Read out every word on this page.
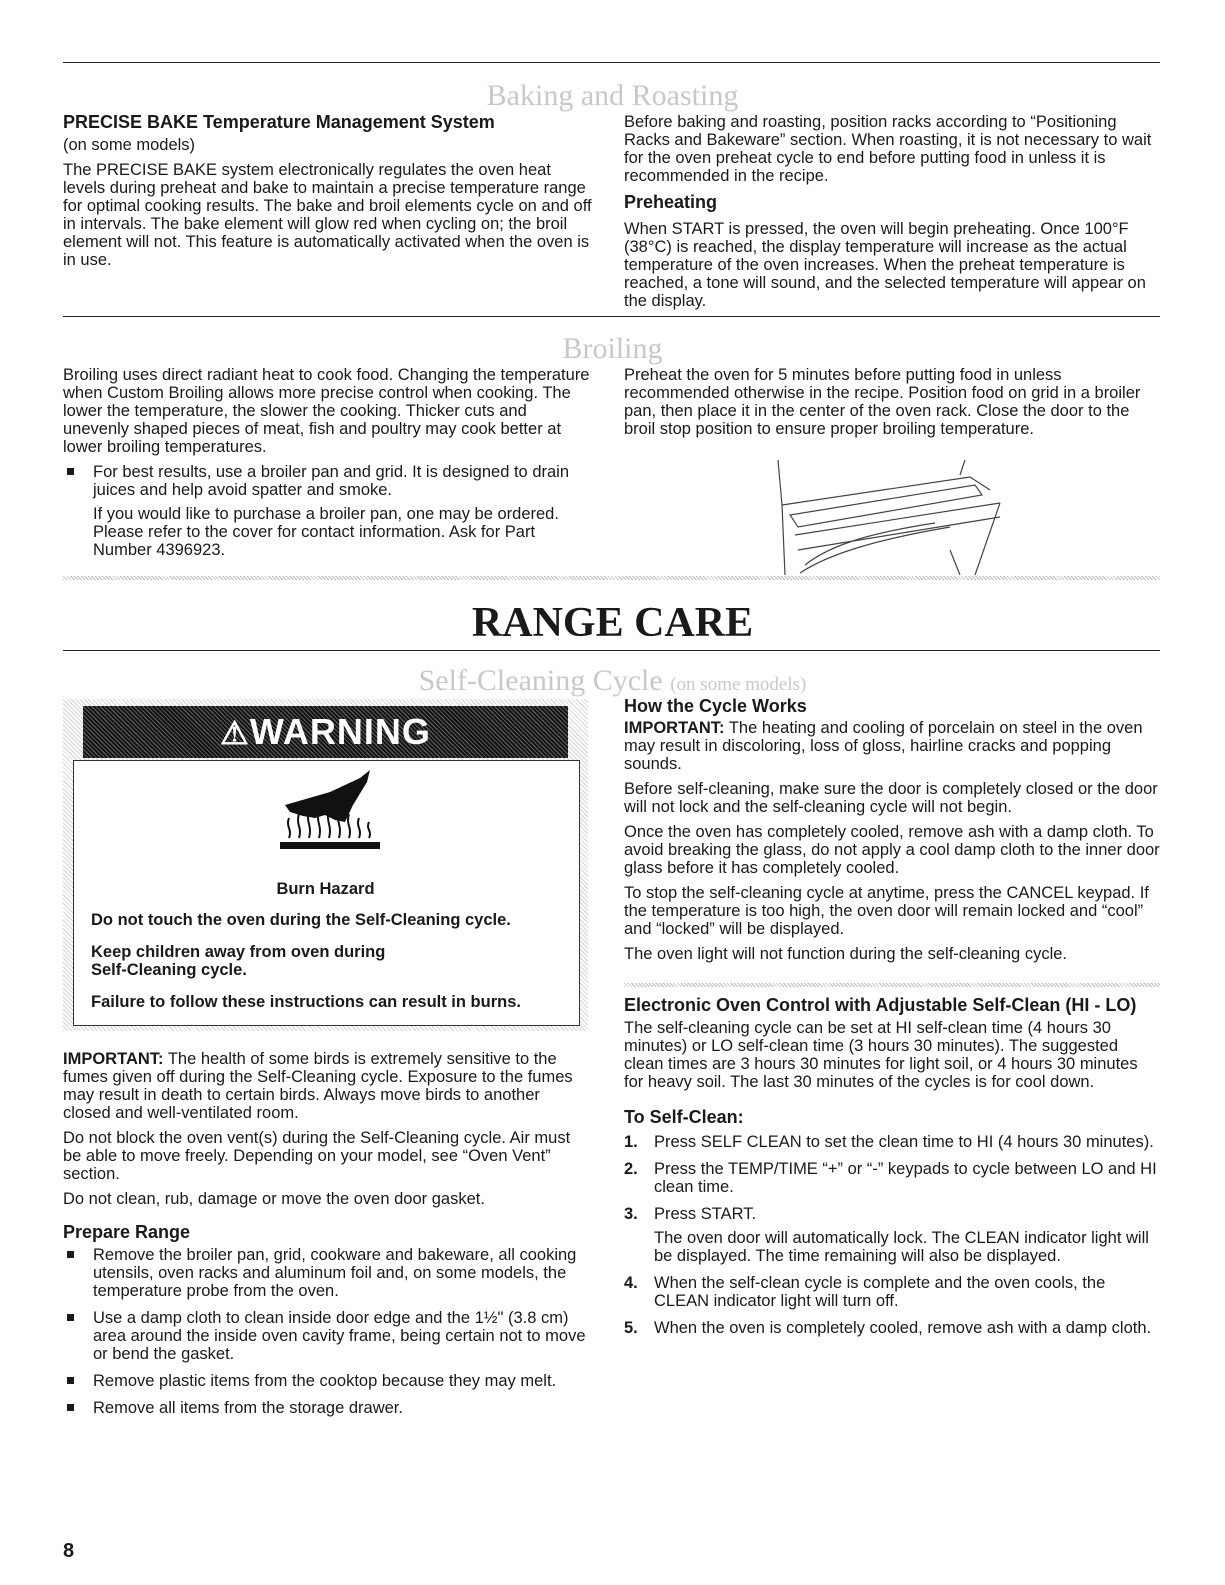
Baking and Roasting

PRECISE BAKE Temperature Management System

(on some models)

The PRECISE BAKE system electronically regulates the oven heat levels during preheat and bake to maintain a precise temperature range for optimal cooking results. The bake and broil elements cycle on and off in intervals. The bake element will glow red when cycling on; the broil element will not. This feature is automatically activated when the oven is in use.

Before baking and roasting, position racks according to “Positioning Racks and Bakeware” section. When roasting, it is not necessary to wait for the oven preheat cycle to end before putting food in unless it is recommended in the recipe.

Preheating

When START is pressed, the oven will begin preheating. Once 100°F (38°C) is reached, the display temperature will increase as the actual temperature of the oven increases. When the preheat temperature is reached, a tone will sound, and the selected temperature will appear on the display.

Broiling

Broiling uses direct radiant heat to cook food. Changing the temperature when Custom Broiling allows more precise control when cooking. The lower the temperature, the slower the cooking. Thicker cuts and unevenly shaped pieces of meat, fish and poultry may cook better at lower broiling temperatures.

For best results, use a broiler pan and grid. It is designed to drain juices and help avoid spatter and smoke.
If you would like to purchase a broiler pan, one may be ordered. Please refer to the cover for contact information. Ask for Part Number 4396923.

Preheat the oven for 5 minutes before putting food in unless recommended otherwise in the recipe. Position food on grid in a broiler pan, then place it in the center of the oven rack. Close the door to the broil stop position to ensure proper broiling temperature.

RANGE CARE
Self-Cleaning Cycle (on some models)
⚠WARNING
Burn Hazard
Do not touch the oven during the Self-Cleaning cycle.
Keep children away from oven during Self-Cleaning cycle.
Failure to follow these instructions can result in burns.

IMPORTANT: The health of some birds is extremely sensitive to the fumes given off during the Self-Cleaning cycle. Exposure to the fumes may result in death to certain birds. Always move birds to another closed and well-ventilated room.

Do not block the oven vent(s) during the Self-Cleaning cycle. Air must be able to move freely. Depending on your model, see “Oven Vent” section.

Do not clean, rub, damage or move the oven door gasket.

Prepare Range

Remove the broiler pan, grid, cookware and bakeware, all cooking utensils, oven racks and aluminum foil and, on some models, the temperature probe from the oven.
Use a damp cloth to clean inside door edge and the 1½" (3.8 cm) area around the inside oven cavity frame, being certain not to move or bend the gasket.
Remove plastic items from the cooktop because they may melt.
Remove all items from the storage drawer.

How the Cycle Works

IMPORTANT: The heating and cooling of porcelain on steel in the oven may result in discoloring, loss of gloss, hairline cracks and popping sounds.

Before self-cleaning, make sure the door is completely closed or the door will not lock and the self-cleaning cycle will not begin.

Once the oven has completely cooled, remove ash with a damp cloth. To avoid breaking the glass, do not apply a cool damp cloth to the inner door glass before it has completely cooled.

To stop the self-cleaning cycle at anytime, press the CANCEL keypad. If the temperature is too high, the oven door will remain locked and “cool” and “locked” will be displayed.

The oven light will not function during the self-cleaning cycle.

Electronic Oven Control with Adjustable Self-Clean (HI - LO)

The self-cleaning cycle can be set at HI self-clean time (4 hours 30 minutes) or LO self-clean time (3 hours 30 minutes). The suggested clean times are 3 hours 30 minutes for light soil, or 4 hours 30 minutes for heavy soil. The last 30 minutes of the cycles is for cool down.

To Self-Clean:

1. Press SELF CLEAN to set the clean time to HI (4 hours 30 minutes).
2. Press the TEMP/TIME “+” or “-” keypads to cycle between LO and HI clean time.
3. Press START.
The oven door will automatically lock. The CLEAN indicator light will be displayed. The time remaining will also be displayed.
4. When the self-clean cycle is complete and the oven cools, the CLEAN indicator light will turn off.
5. When the oven is completely cooled, remove ash with a damp cloth.
8
